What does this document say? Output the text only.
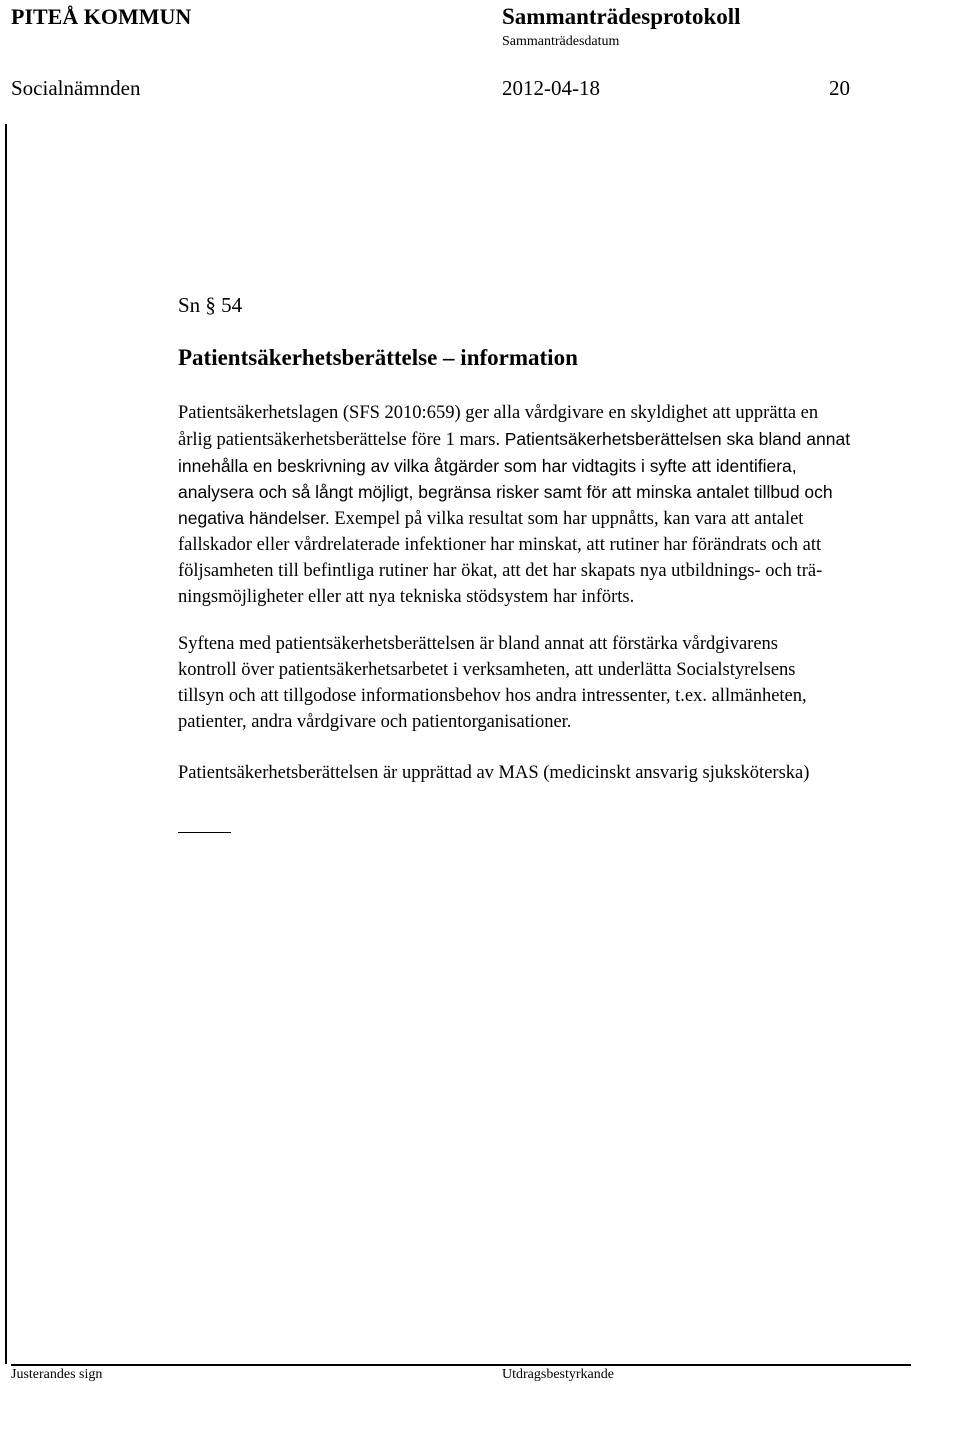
PITEÅ KOMMUN	Sammanträdesprotokoll
Sammanträdesdatum
Socialnämnden	2012-04-18	20
Sn § 54
Patientsäkerhetsberättelse – information
Patientsäkerhetslagen (SFS 2010:659) ger alla vårdgivare en skyldighet att upprätta en
årlig patientsäkerhetsberättelse före 1 mars. Patientsäkerhetsberättelsen ska bland annat
innehålla en beskrivning av vilka åtgärder som har vidtagits i syfte att identifiera,
analysera och så långt möjligt, begränsa risker samt för att minska antalet tillbud och
negativa händelser. Exempel på vilka resultat som har uppnåtts, kan vara att antalet
fallskador eller vårdrelaterade infektioner har minskat, att rutiner har förändrats och att
följsamheten till befintliga rutiner har ökat, att det har skapats nya utbildnings- och trä-
ningsmöjligheter eller att nya tekniska stödsystem har införts.
Syftena med patientsäkerhetsberättelsen är bland annat att förstärka vårdgivarens
kontroll över patientsäkerhetsarbetet i verksamheten, att underlätta Socialstyrelsens
tillsyn och att tillgodose informationsbehov hos andra intressenter, t.ex. allmänheten,
patienter, andra vårdgivare och patientorganisationer.
Patientsäkerhetsberättelsen är upprättad av MAS (medicinskt ansvarig sjuksköterska)
Justerandes sign	Utdragsbestyrkande
